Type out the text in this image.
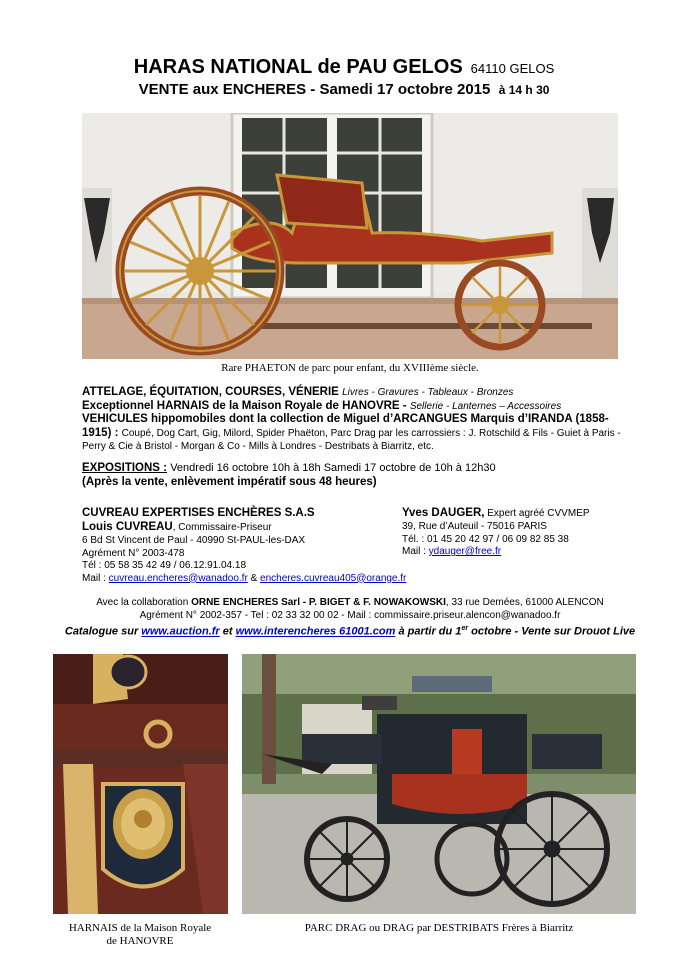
HARAS NATIONAL de PAU GELOS 64110 GELOS
VENTE aux ENCHERES - Samedi 17 octobre 2015 à 14 h 30
Rare PHAETON de parc pour enfant, du XVIIIème siècle.
ATTELAGE, ÉQUITATION, COURSES, VÉNERIE Livres - Gravures - Tableaux - Bronzes
Exceptionnel HARNAIS de la Maison Royale de HANOVRE - Sellerie - Lanternes – Accessoires
VEHICULES hippomobiles dont la collection de Miguel d’ARCANGUES Marquis d’IRANDA (1858-1915) : Coupé, Dog Cart, Gig, Milord, Spider Phaëton, Parc Drag par les carrossiers : J. Rotschild & Fils - Guiet à Paris - Perry & Cie à Bristol - Morgan & Co - Mills à Londres - Destribats à Biarritz, etc.
EXPOSITIONS : Vendredi 16 octobre 10h à 18h Samedi 17 octobre de 10h à 12h30
(Après la vente, enlèvement impératif sous 48 heures)
CUVREAU EXPERTISES ENCHÈRES S.A.S
Louis CUVREAU, Commissaire-Priseur
6 Bd St Vincent de Paul - 40990 St-PAUL-les-DAX
Agrément N° 2003-478
Tél : 05 58 35 42 49 / 06.12.91.04.18
Mail : cuvreau.encheres@wanadoo.fr & encheres.cuvreau405@orange.fr
Yves DAUGER, Expert agréé CVVMEP
39, Rue d’Auteuil - 75016 PARIS
Tél. : 01 45 20 42 97 / 06 09 82 85 38
Mail : ydauger@free.fr
Avec la collaboration ORNE ENCHERES Sarl - P. BIGET & F. NOWAKOWSKI, 33 rue Demées, 61000 ALENCON
Agrément N° 2002-357 - Tel : 02 33 32 00 02 - Mail : commissaire.priseur.alencon@wanadoo.fr
Catalogue sur www.auction.fr et www.interencheres 61001.com à partir du 1er octobre - Vente sur Drouot Live
HARNAIS de la Maison Royale
de HANOVRE
PARC DRAG ou DRAG par DESTRIBATS Frères à Biarritz
